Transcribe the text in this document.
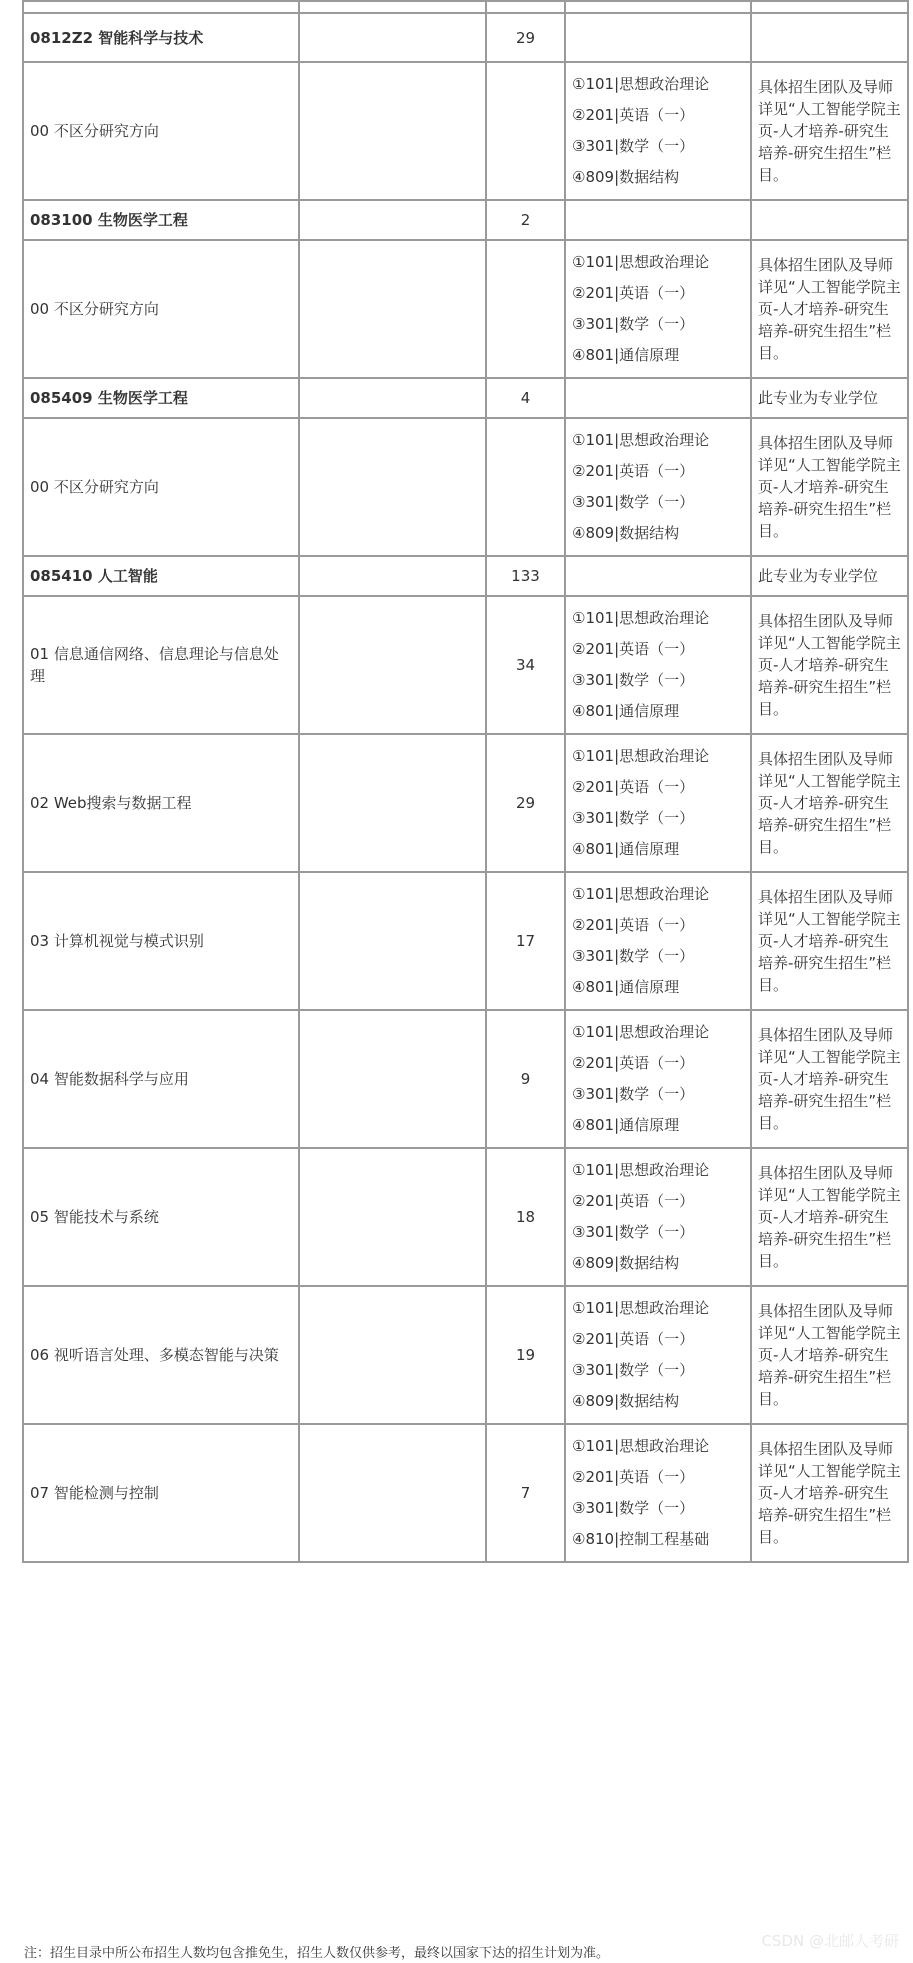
0812Z2 智能科学与技术		29		
00 不区分研究方向			①101|思想政治理论
②201|英语（一）
③301|数学（一）
④809|数据结构	具体招生团队及导师详见“人工智能学院主页-人才培养-研究生培养-研究生招生”栏目。
083100 生物医学工程		2		
00 不区分研究方向			①101|思想政治理论
②201|英语（一）
③301|数学（一）
④801|通信原理	具体招生团队及导师详见“人工智能学院主页-人才培养-研究生培养-研究生招生”栏目。
085409 生物医学工程		4		此专业为专业学位
00 不区分研究方向			①101|思想政治理论
②201|英语（一）
③301|数学（一）
④809|数据结构	具体招生团队及导师详见“人工智能学院主页-人才培养-研究生培养-研究生招生”栏目。
085410 人工智能		133		此专业为专业学位
01 信息通信网络、信息理论与信息处理		34	①101|思想政治理论
②201|英语（一）
③301|数学（一）
④801|通信原理	具体招生团队及导师详见“人工智能学院主页-人才培养-研究生培养-研究生招生”栏目。
02 Web搜索与数据工程		29	①101|思想政治理论
②201|英语（一）
③301|数学（一）
④801|通信原理	具体招生团队及导师详见“人工智能学院主页-人才培养-研究生培养-研究生招生”栏目。
03 计算机视觉与模式识别		17	①101|思想政治理论
②201|英语（一）
③301|数学（一）
④801|通信原理	具体招生团队及导师详见“人工智能学院主页-人才培养-研究生培养-研究生招生”栏目。
04 智能数据科学与应用		9	①101|思想政治理论
②201|英语（一）
③301|数学（一）
④801|通信原理	具体招生团队及导师详见“人工智能学院主页-人才培养-研究生培养-研究生招生”栏目。
05 智能技术与系统		18	①101|思想政治理论
②201|英语（一）
③301|数学（一）
④809|数据结构	具体招生团队及导师详见“人工智能学院主页-人才培养-研究生培养-研究生招生”栏目。
06 视听语言处理、多模态智能与决策		19	①101|思想政治理论
②201|英语（一）
③301|数学（一）
④809|数据结构	具体招生团队及导师详见“人工智能学院主页-人才培养-研究生培养-研究生招生”栏目。
07 智能检测与控制		7	①101|思想政治理论
②201|英语（一）
③301|数学（一）
④810|控制工程基础	具体招生团队及导师详见“人工智能学院主页-人才培养-研究生培养-研究生招生”栏目。
注：招生目录中所公布招生人数均包含推免生，招生人数仅供参考，最终以国家下达的招生计划为准。
CSDN @北邮人考研
